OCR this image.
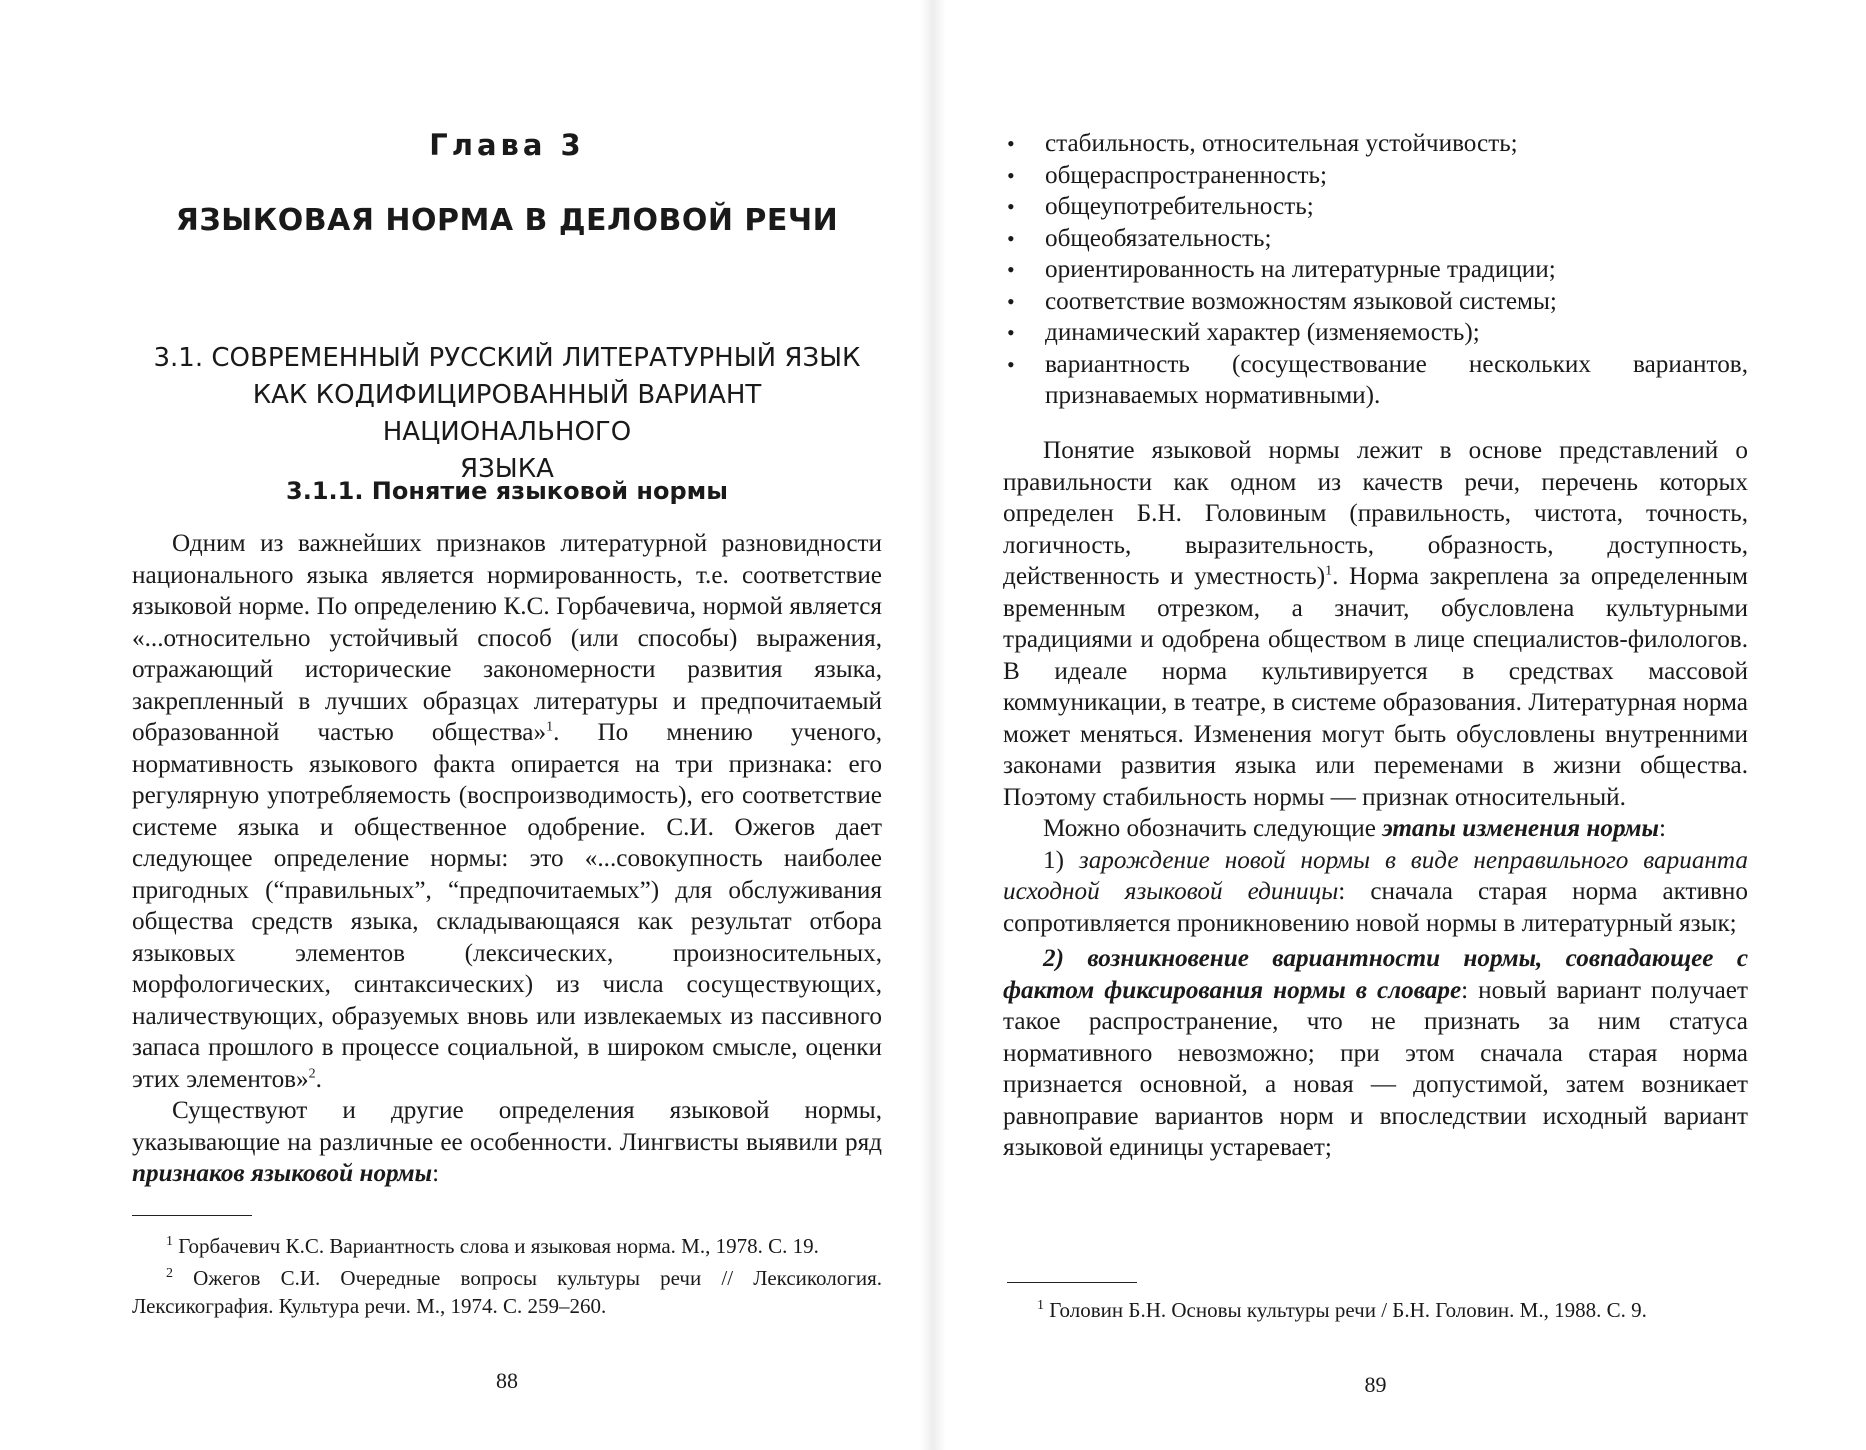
Глава 3
ЯЗЫКОВАЯ НОРМА В ДЕЛОВОЙ РЕЧИ
3.1. СОВРЕМЕННЫЙ РУССКИЙ ЛИТЕРАТУРНЫЙ ЯЗЫК
КАК КОДИФИЦИРОВАННЫЙ ВАРИАНТ НАЦИОНАЛЬНОГО
ЯЗЫКА
3.1.1. Понятие языковой нормы

Одним из важнейших признаков литературной разновидности национального языка является нормированность, т.е. соответствие языковой норме. По определению К.С. Горбачевича, нормой является «...относительно устойчивый способ (или способы) выражения, отражающий исторические закономерности развития языка, закрепленный в лучших образцах литературы и предпочитаемый образованной частью общества»$^1$. По мнению ученого, нормативность языкового факта опирается на три признака: его регулярную употребляемость (воспроизводимость), его соответствие системе языка и общественное одобрение. С.И. Ожегов дает следующее определение нормы: это «...совокупность наиболее пригодных (“правильных”, “предпочитаемых”) для обслуживания общества средств языка, складывающаяся как результат отбора языковых элементов (лексических, произносительных, морфологических, синтаксических) из числа сосуществующих, наличествующих, образуемых вновь или извлекаемых из пассивного запаса прошлого в процессе социальной, в широком смысле, оценки этих элементов»$^2$.

Существуют и другие определения языковой нормы, указывающие на различные ее особенности. Лингвисты выявили ряд признаков языковой нормы:

$^1$ Горбачевич К.С. Вариантность слова и языковая норма. М., 1978. С. 19.

$^2$ Ожегов С.И. Очередные вопросы культуры речи // Лексикология. Лексикография. Культура речи. М., 1974. С. 259–260.

88
• стабильность, относительная устойчивость;
• общераспространенность;
• общеупотребительность;
• общеобязательность;
• ориентированность на литературные традиции;
• соответствие возможностям языковой системы;
• динамический характер (изменяемость);
• вариантность (сосуществование нескольких вариантов, признаваемых нормативными).

Понятие языковой нормы лежит в основе представлений о правильности как одном из качеств речи, перечень которых определен Б.Н. Головиным (правильность, чистота, точность, логичность, выразительность, образность, доступность, действенность и уместность)$^1$. Норма закреплена за определенным временным отрезком, а значит, обусловлена культурными традициями и одобрена обществом в лице специалистов-филологов. В идеале норма культивируется в средствах массовой коммуникации, в театре, в системе образования. Литературная норма может меняться. Изменения могут быть обусловлены внутренними законами развития языка или переменами в жизни общества. Поэтому стабильность нормы — признак относительный.

Можно обозначить следующие этапы изменения нормы:

1) зарождение новой нормы в виде неправильного варианта исходной языковой единицы: сначала старая норма активно сопротивляется проникновению новой нормы в литературный язык;

2) возникновение вариантности нормы, совпадающее с фактом фиксирования нормы в словаре: новый вариант получает такое распространение, что не признать за ним статуса нормативного невозможно; при этом сначала старая норма признается основной, а новая — допустимой, затем возникает равноправие вариантов норм и впоследствии исходный вариант языковой единицы устаревает;

$^1$ Головин Б.Н. Основы культуры речи / Б.Н. Головин. М., 1988. С. 9.

89
